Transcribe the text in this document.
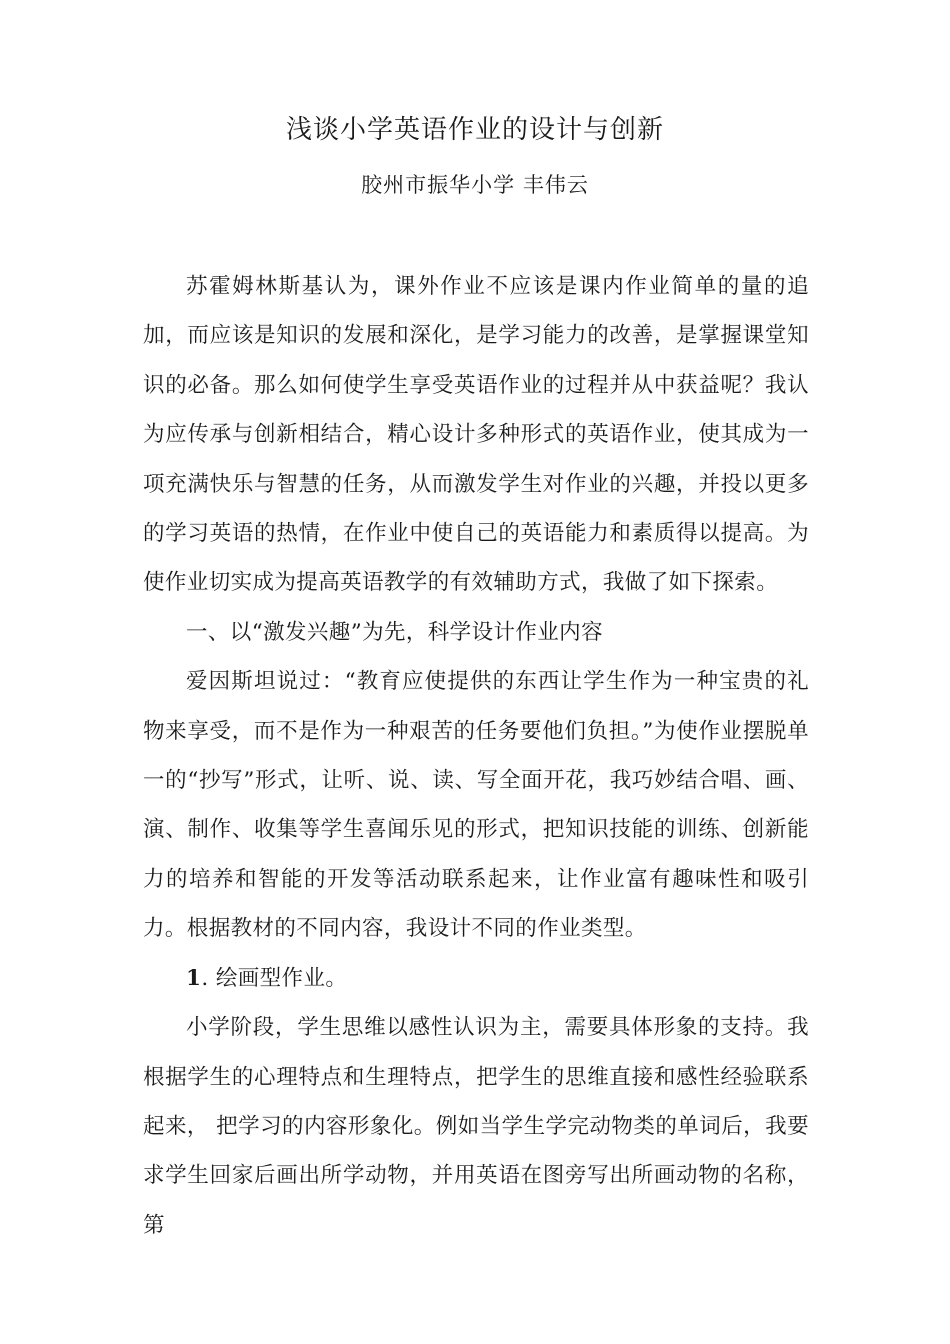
浅谈小学英语作业的设计与创新
胶州市振华小学 丰伟云

苏霍姆林斯基认为，课外作业不应该是课内作业简单的量的追加，而应该是知识的发展和深化，是学习能力的改善，是掌握课堂知识的必备。那么如何使学生享受英语作业的过程并从中获益呢？我认为应传承与创新相结合，精心设计多种形式的英语作业，使其成为一项充满快乐与智慧的任务，从而激发学生对作业的兴趣，并投以更多的学习英语的热情，在作业中使自己的英语能力和素质得以提高。为使作业切实成为提高英语教学的有效辅助方式，我做了如下探索。

一、以“激发兴趣”为先，科学设计作业内容

爱因斯坦说过：“教育应使提供的东西让学生作为一种宝贵的礼物来享受，而不是作为一种艰苦的任务要他们负担。”为使作业摆脱单一的“抄写”形式，让听、说、读、写全面开花，我巧妙结合唱、画、演、制作、收集等学生喜闻乐见的形式，把知识技能的训练、创新能力的培养和智能的开发等活动联系起来，让作业富有趣味性和吸引力。根据教材的不同内容，我设计不同的作业类型。

1. 绘画型作业。

小学阶段，学生思维以感性认识为主，需要具体形象的支持。我根据学生的心理特点和生理特点，把学生的思维直接和感性经验联系起来， 把学习的内容形象化。例如当学生学完动物类的单词后，我要求学生回家后画出所学动物，并用英语在图旁写出所画动物的名称，第
